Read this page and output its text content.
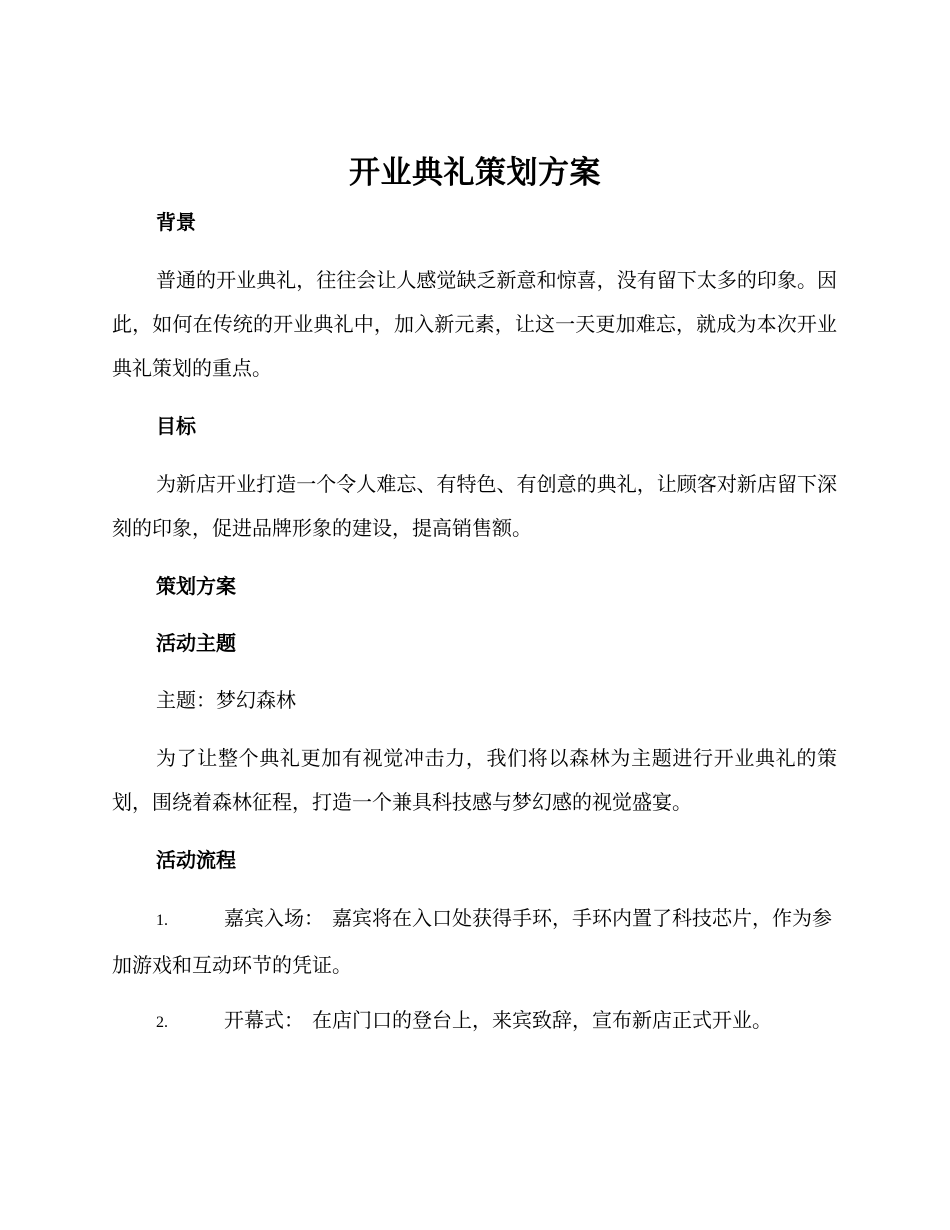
开业典礼策划方案
背景
普通的开业典礼，往往会让人感觉缺乏新意和惊喜，没有留下太多的印象。因此，如何在传统的开业典礼中，加入新元素，让这一天更加难忘，就成为本次开业典礼策划的重点。
目标
为新店开业打造一个令人难忘、有特色、有创意的典礼，让顾客对新店留下深刻的印象，促进品牌形象的建设，提高销售额。
策划方案
活动主题
主题：梦幻森林
为了让整个典礼更加有视觉冲击力，我们将以森林为主题进行开业典礼的策划，围绕着森林征程，打造一个兼具科技感与梦幻感的视觉盛宴。
活动流程
1.	嘉宾入场： 嘉宾将在入口处获得手环，手环内置了科技芯片，作为参加游戏和互动环节的凭证。
2.	开幕式： 在店门口的登台上，来宾致辞，宣布新店正式开业。
